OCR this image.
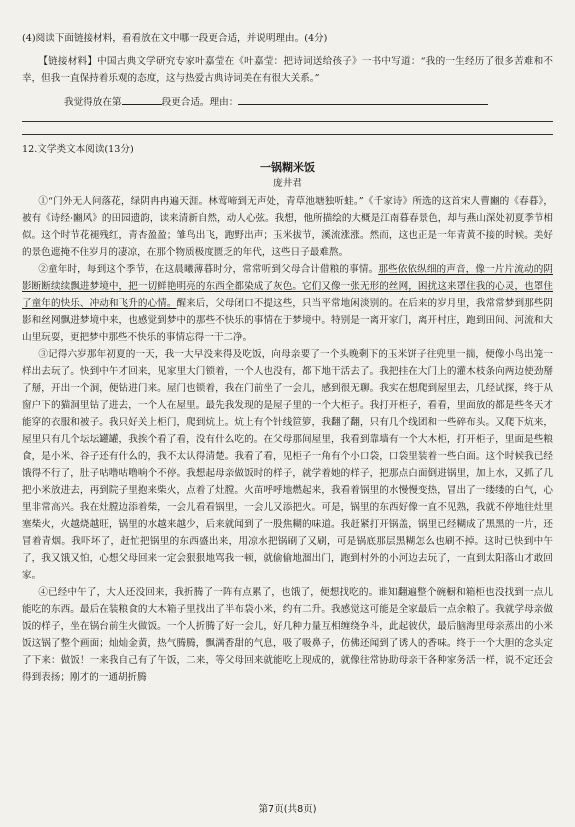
(4)阅读下面链接材料，看看放在文中哪一段更合适，并说明理由。(4分)

【链接材料】中国古典文学研究专家叶嘉莹在《叶嘉莹：把诗词送给孩子》一书中写道：“我的一生经历了很多苦难和不幸，但我一直保持着乐观的态度，这与热爱古典诗词美在有很大关系。”

我觉得放在第	段更合适。理由：
12.文学类文本阅读(13分)
一锅糊米饭
庞井君

①“门外无人问落花，绿阴冉冉遍天涯。林莺啼到无声处，青草池塘独听蛙。”《千家诗》所选的这首宋人曹豳的《春暮》，被有《诗经·豳风》的田园遗韵，读来清新自然，动人心弦。我想，他所描绘的大概是江南暮春景色，却与燕山深处初夏季节相似。这个时节花褪残红，青杏盈盈；雏鸟出飞，跑野出声；玉米拔节，溪流涨涨。然而，这也正是一年青黄不接的时候。美好的景色遮掩不住岁月的凄凉，在那个物质极度匮乏的年代，这些日子最难熬。

②童年时，每到这个季节，在这晨曦薄暮时分，常常听到父母合计借粮的事情。那些依依纵细的声音，像一片片流动的阴影断断续续飘进梦境中，把一切鲜艳明亮的东西全都染成了灰色。它们又像一张无形的丝网，困扰这来罩住我的心灵，也罩住了童年的快乐、冲动和飞升的心情。醒来后，父母闭口不提这些，只当平常地闲淡别的。在后来的岁月里，我常常梦到那些阴影和丝网飘进梦境中来，也感觉到梦中的那些不快乐的事情在于梦境中。特别是一离开家门，离开村庄，跑到田间、河流和大山里玩耍，更把梦中那些不快乐的事情忘得一干二净。

③记得六岁那年初夏的一天，我一大早没来得及吃饭，向母亲要了一个头晚剩下的玉米饼子往兜里一揣，便像小鸟出笼一样出去玩了。快到中午才回来，见家里大门锁着，一个人也没有，都下地干活去了。我把挂在大门上的灌木枝条向两边使劲掰了掰，开出一个洞，便钻进门来。屋门也锁着，我在门前坐了一会儿，感到很无聊。我实在想爬到屋里去，几经试探，终于从窗户下的猫洞里钻了进去，一个人在屋里。最先我发现的是屋子里的一个大柜子。我打开柜子，看看，里面放的都是些冬天才能穿的衣服和被子。我只好关上柜门，爬到炕上。炕上有个针线笸箩，我翻了翻，只有几个线团和一些碎布头。又爬下炕来，屋里只有几个坛坛罐罐，我挨个看了看，没有什么吃的。在父母那间屋里，我看到靠墙有一个大木柜，打开柜子，里面是些粮食，是小米、谷子还有什么的，我不太认得清楚。我看了看，见柜子一角有个小口袋，口袋里装着一些白面。这个时候我已经饿得不行了，肚子咕噜咕噜响个不停。我想起母亲做饭时的样子，就学着她的样子，把那点白面倒进锅里，加上水，又抓了几把小米放进去，再到院子里抱来柴火，点着了灶膛。火苗呼呼地燃起来，我看着锅里的水慢慢变热，冒出了一缕缕的白气，心里非常高兴。我在灶膛边添着柴，一会儿看看锅里，一会儿又添把火。可是，锅里的东西好像一直不见熟，我就不停地往灶里塞柴火，火越烧越旺，锅里的水越来越少，后来就闻到了一股焦糊的味道。我赶紧打开锅盖，锅里已经糊成了黑黑的一片，还冒着青烟。我吓坏了，赶忙把锅里的东西盛出来，用凉水把锅刷了又刷，可是锅底那层黑糊怎么也刷不掉。这时已快到中午了，我又饿又怕，心想父母回来一定会狠狠地骂我一顿，就偷偷地溜出门，跑到村外的小河边去玩了，一直到太阳落山才敢回家。

④已经中午了，大人还没回来，我折腾了一阵有点累了，也饿了，便想找吃的。谁知翻遍整个碗橱和箱柜也没找到一点儿能吃的东西。最后在装粮食的大木箱子里找出了半布袋小米，约有二升。我感觉这可能是全家最后一点余粮了。我就学母亲做饭的样子，坐在锅台前生火做饭。一个人折腾了好一会儿，好几种力量互相缠绕争斗，此起彼伏，最后脑海里母亲蒸出的小米饭这锅了整个画面；灿灿金黄，热气腾腾，飘满香甜的气息，吸了吸鼻子，仿佛还闻到了诱人的香味。终于一个大胆的念头定了下来：做饭！一来我自己有了午饭，二来，等父母回来就能吃上现成的，就像往常协助母亲干各种家务活一样，说不定还会得到表扬；刚才的一通胡折腾

第7页(共8页)
